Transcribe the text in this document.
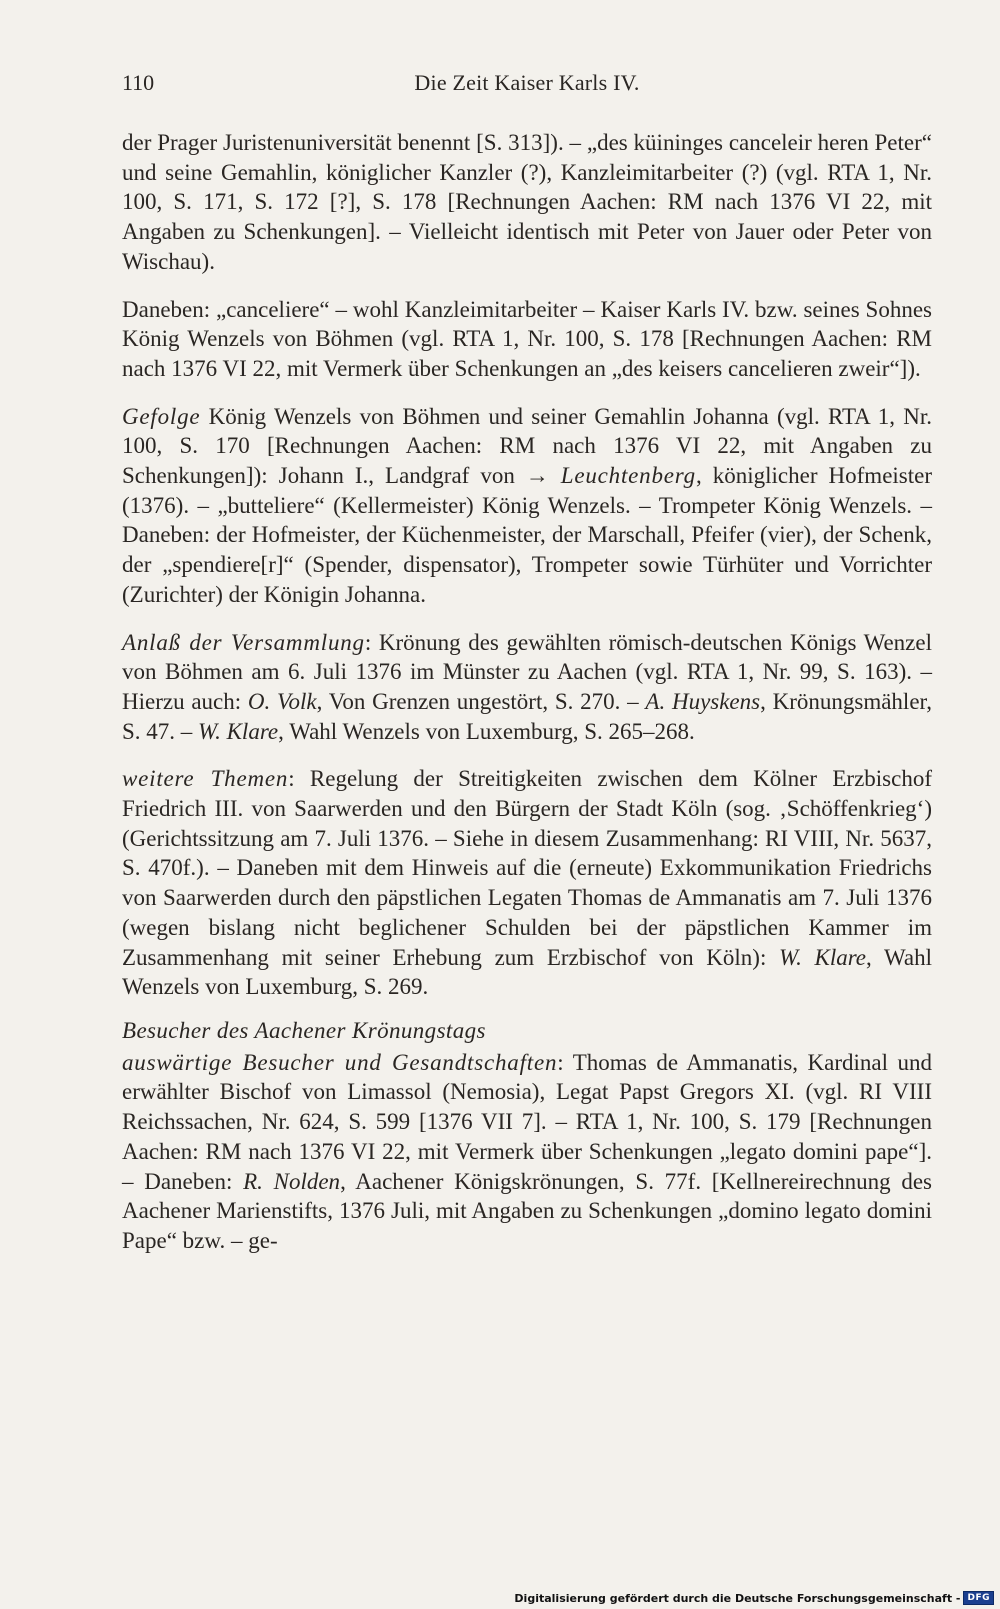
110	Die Zeit Kaiser Karls IV.

der Prager Juristenuniversität benennt [S. 313]). – „des küininges canceleir heren Peter“ und seine Gemahlin, königlicher Kanzler (?), Kanzleimitarbeiter (?) (vgl. RTA 1, Nr. 100, S. 171, S. 172 [?], S. 178 [Rechnungen Aachen: RM nach 1376 VI 22, mit Angaben zu Schenkungen]. – Vielleicht identisch mit Peter von Jauer oder Peter von Wischau).

Daneben: „canceliere“ – wohl Kanzleimitarbeiter – Kaiser Karls IV. bzw. seines Sohnes König Wenzels von Böhmen (vgl. RTA 1, Nr. 100, S. 178 [Rechnungen Aachen: RM nach 1376 VI 22, mit Vermerk über Schenkungen an „des keisers cancelieren zweir“]).

Gefolge König Wenzels von Böhmen und seiner Gemahlin Johanna (vgl. RTA 1, Nr. 100, S. 170 [Rechnungen Aachen: RM nach 1376 VI 22, mit Angaben zu Schenkungen]): Johann I., Landgraf von → Leuchtenberg, königlicher Hofmeister (1376). – „butteliere“ (Kellermeister) König Wenzels. – Trompeter König Wenzels. – Daneben: der Hofmeister, der Küchenmeister, der Marschall, Pfeifer (vier), der Schenk, der „spendiere[r]“ (Spender, dispensator), Trompeter sowie Türhüter und Vorrichter (Zurichter) der Königin Johanna.

Anlaß der Versammlung: Krönung des gewählten römisch-deutschen Königs Wenzel von Böhmen am 6. Juli 1376 im Münster zu Aachen (vgl. RTA 1, Nr. 99, S. 163). – Hierzu auch: O. Volk, Von Grenzen ungestört, S. 270. – A. Huyskens, Krönungsmähler, S. 47. – W. Klare, Wahl Wenzels von Luxemburg, S. 265–268.

weitere Themen: Regelung der Streitigkeiten zwischen dem Kölner Erzbischof Friedrich III. von Saarwerden und den Bürgern der Stadt Köln (sog. ‚Schöffenkrieg‘) (Gerichtssitzung am 7. Juli 1376. – Siehe in diesem Zusammenhang: RI VIII, Nr. 5637, S. 470f.). – Daneben mit dem Hinweis auf die (erneute) Exkommunikation Friedrichs von Saarwerden durch den päpstlichen Legaten Thomas de Ammanatis am 7. Juli 1376 (wegen bislang nicht beglichener Schulden bei der päpstlichen Kammer im Zusammenhang mit seiner Erhebung zum Erzbischof von Köln): W. Klare, Wahl Wenzels von Luxemburg, S. 269.

Besucher des Aachener Krönungstags

auswärtige Besucher und Gesandtschaften: Thomas de Ammanatis, Kardinal und erwählter Bischof von Limassol (Nemosia), Legat Papst Gregors XI. (vgl. RI VIII Reichssachen, Nr. 624, S. 599 [1376 VII 7]. – RTA 1, Nr. 100, S. 179 [Rechnungen Aachen: RM nach 1376 VI 22, mit Vermerk über Schenkungen „legato domini pape“]. – Daneben: R. Nolden, Aachener Königskrönungen, S. 77f. [Kellnereirechnung des Aachener Marienstifts, 1376 Juli, mit Angaben zu Schenkungen „domino legato domini Pape“ bzw. – ge-

Digitalisierung gefördert durch die Deutsche Forschungsgemeinschaft - DFG
